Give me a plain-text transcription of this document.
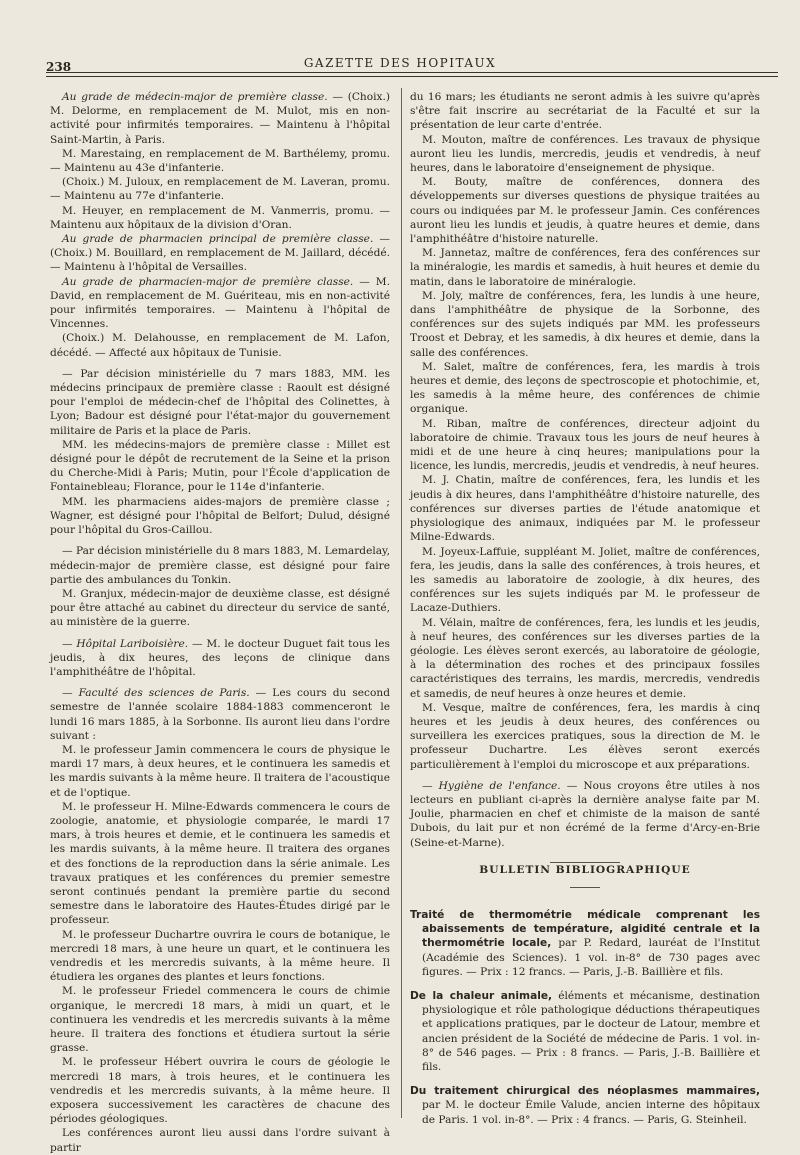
238	GAZETTE DES HOPITAUX

Au grade de médecin-major de première classe. — (Choix.) M. Delorme, en remplacement de M. Mulot, mis en non-activité pour infirmités temporaires. — Maintenu à l'hôpital Saint-Martin, à Paris.

M. Marestaing, en remplacement de M. Barthélemy, promu. — Maintenu au 43e d'infanterie.

(Choix.) M. Juloux, en remplacement de M. Laveran, promu. — Maintenu au 77e d'infanterie.

M. Heuyer, en remplacement de M. Vanmerris, promu. — Maintenu aux hôpitaux de la division d'Oran.

Au grade de pharmacien principal de première classe. — (Choix.) M. Bouillard, en remplacement de M. Jaillard, décédé. — Maintenu à l'hôpital de Versailles.

Au grade de pharmacien-major de première classe. — M. David, en remplacement de M. Guériteau, mis en non-activité pour infirmités temporaires. — Maintenu à l'hôpital de Vincennes.

(Choix.) M. Delahousse, en remplacement de M. Lafon, décédé. — Affecté aux hôpitaux de Tunisie.

— Par décision ministérielle du 7 mars 1883, MM. les médecins principaux de première classe : Raoult est désigné pour l'emploi de médecin-chef de l'hôpital des Colinettes, à Lyon; Badour est désigné pour l'état-major du gouvernement militaire de Paris et la place de Paris.

MM. les médecins-majors de première classe : Millet est désigné pour le dépôt de recrutement de la Seine et la prison du Cherche-Midi à Paris; Mutin, pour l'École d'application de Fontainebleau; Florance, pour le 114e d'infanterie.

MM. les pharmaciens aides-majors de première classe ; Wagner, est désigné pour l'hôpital de Belfort; Dulud, désigné pour l'hôpital du Gros-Caillou.

— Par décision ministérielle du 8 mars 1883, M. Lemardelay, médecin-major de première classe, est désigné pour faire partie des ambulances du Tonkin.

M. Granjux, médecin-major de deuxième classe, est désigné pour être attaché au cabinet du directeur du service de santé, au ministère de la guerre.

— Hôpital Lariboisière. — M. le docteur Duguet fait tous les jeudis, à dix heures, des leçons de clinique dans l'amphithéâtre de l'hôpital.

— Faculté des sciences de Paris. — Les cours du second semestre de l'année scolaire 1884-1883 commenceront le lundi 16 mars 1885, à la Sorbonne. Ils auront lieu dans l'ordre suivant :

M. le professeur Jamin commencera le cours de physique le mardi 17 mars, à deux heures, et le continuera les samedis et les mardis suivants à la même heure. Il traitera de l'acoustique et de l'optique.

M. le professeur H. Milne-Edwards commencera le cours de zoologie, anatomie, et physiologie comparée, le mardi 17 mars, à trois heures et demie, et le continuera les samedis et les mardis suivants, à la même heure. Il traitera des organes et des fonctions de la reproduction dans la série animale. Les travaux pratiques et les conférences du premier semestre seront continués pendant la première partie du second semestre dans le laboratoire des Hautes-Études dirigé par le professeur.

M. le professeur Duchartre ouvrira le cours de botanique, le mercredi 18 mars, à une heure un quart, et le continuera les vendredis et les mercredis suivants, à la même heure. Il étudiera les organes des plantes et leurs fonctions.

M. le professeur Friedel commencera le cours de chimie organique, le mercredi 18 mars, à midi un quart, et le continuera les vendredis et les mercredis suivants à la même heure. Il traitera des fonctions et étudiera surtout la série grasse.

M. le professeur Hébert ouvrira le cours de géologie le mercredi 18 mars, à trois heures, et le continuera les vendredis et les mercredis suivants, à la même heure. Il exposera successivement les caractères de chacune des périodes géologiques.

Les conférences auront lieu aussi dans l'ordre suivant à partir

du 16 mars; les étudiants ne seront admis à les suivre qu'après s'être fait inscrire au secrétariat de la Faculté et sur la présentation de leur carte d'entrée.

M. Mouton, maître de conférences. Les travaux de physique auront lieu les lundis, mercredis, jeudis et vendredis, à neuf heures, dans le laboratoire d'enseignement de physique.

M. Bouty, maître de conférences, donnera des développements sur diverses questions de physique traitées au cours ou indiquées par M. le professeur Jamin. Ces conférences auront lieu les lundis et jeudis, à quatre heures et demie, dans l'amphithéâtre d'histoire naturelle.

M. Jannetaz, maître de conférences, fera des conférences sur la minéralogie, les mardis et samedis, à huit heures et demie du matin, dans le laboratoire de minéralogie.

M. Joly, maître de conférences, fera, les lundis à une heure, dans l'amphithéâtre de physique de la Sorbonne, des conférences sur des sujets indiqués par MM. les professeurs Troost et Debray, et les samedis, à dix heures et demie, dans la salle des conférences.

M. Salet, maître de conférences, fera, les mardis à trois heures et demie, des leçons de spectroscopie et photochimie, et, les samedis à la même heure, des conférences de chimie organique.

M. Riban, maître de conférences, directeur adjoint du laboratoire de chimie. Travaux tous les jours de neuf heures à midi et de une heure à cinq heures; manipulations pour la licence, les lundis, mercredis, jeudis et vendredis, à neuf heures.

M. J. Chatin, maître de conférences, fera, les lundis et les jeudis à dix heures, dans l'amphithéâtre d'histoire naturelle, des conférences sur diverses parties de l'étude anatomique et physiologique des animaux, indiquées par M. le professeur Milne-Edwards.

M. Joyeux-Laffuie, suppléant M. Joliet, maître de conférences, fera, les jeudis, dans la salle des conférences, à trois heures, et les samedis au laboratoire de zoologie, à dix heures, des conférences sur les sujets indiqués par M. le professeur de Lacaze-Duthiers.

M. Vélain, maître de conférences, fera, les lundis et les jeudis, à neuf heures, des conférences sur les diverses parties de la géologie. Les élèves seront exercés, au laboratoire de géologie, à la détermination des roches et des principaux fossiles caractéristiques des terrains, les mardis, mercredis, vendredis et samedis, de neuf heures à onze heures et demie.

M. Vesque, maître de conférences, fera, les mardis à cinq heures et les jeudis à deux heures, des conférences ou surveillera les exercices pratiques, sous la direction de M. le professeur Duchartre. Les élèves seront exercés particulièrement à l'emploi du microscope et aux préparations.

— Hygiène de l'enfance. — Nous croyons être utiles à nos lecteurs en publiant ci-après la dernière analyse faite par M. Joulie, pharmacien en chef et chimiste de la maison de santé Dubois, du lait pur et non écrémé de la ferme d'Arcy-en-Brie (Seine-et-Marne).

BULLETIN BIBLIOGRAPHIQUE

Traité de thermométrie médicale comprenant les abaissements de température, algidité centrale et la thermométrie locale, par P. Redard, lauréat de l'Institut (Académie des Sciences). 1 vol. in-8° de 730 pages avec figures. — Prix : 12 francs. — Paris, J.-B. Baillière et fils.

De la chaleur animale, éléments et mécanisme, destination physiologique et rôle pathologique déductions thérapeutiques et applications pratiques, par le docteur de Latour, membre et ancien président de la Société de médecine de Paris. 1 vol. in-8° de 546 pages. — Prix : 8 francs. — Paris, J.-B. Baillière et fils.

Du traitement chirurgical des néoplasmes mammaires, par M. le docteur Émile Valude, ancien interne des hôpitaux de Paris. 1 vol. in-8°. — Prix : 4 francs. — Paris, G. Steinheil.
